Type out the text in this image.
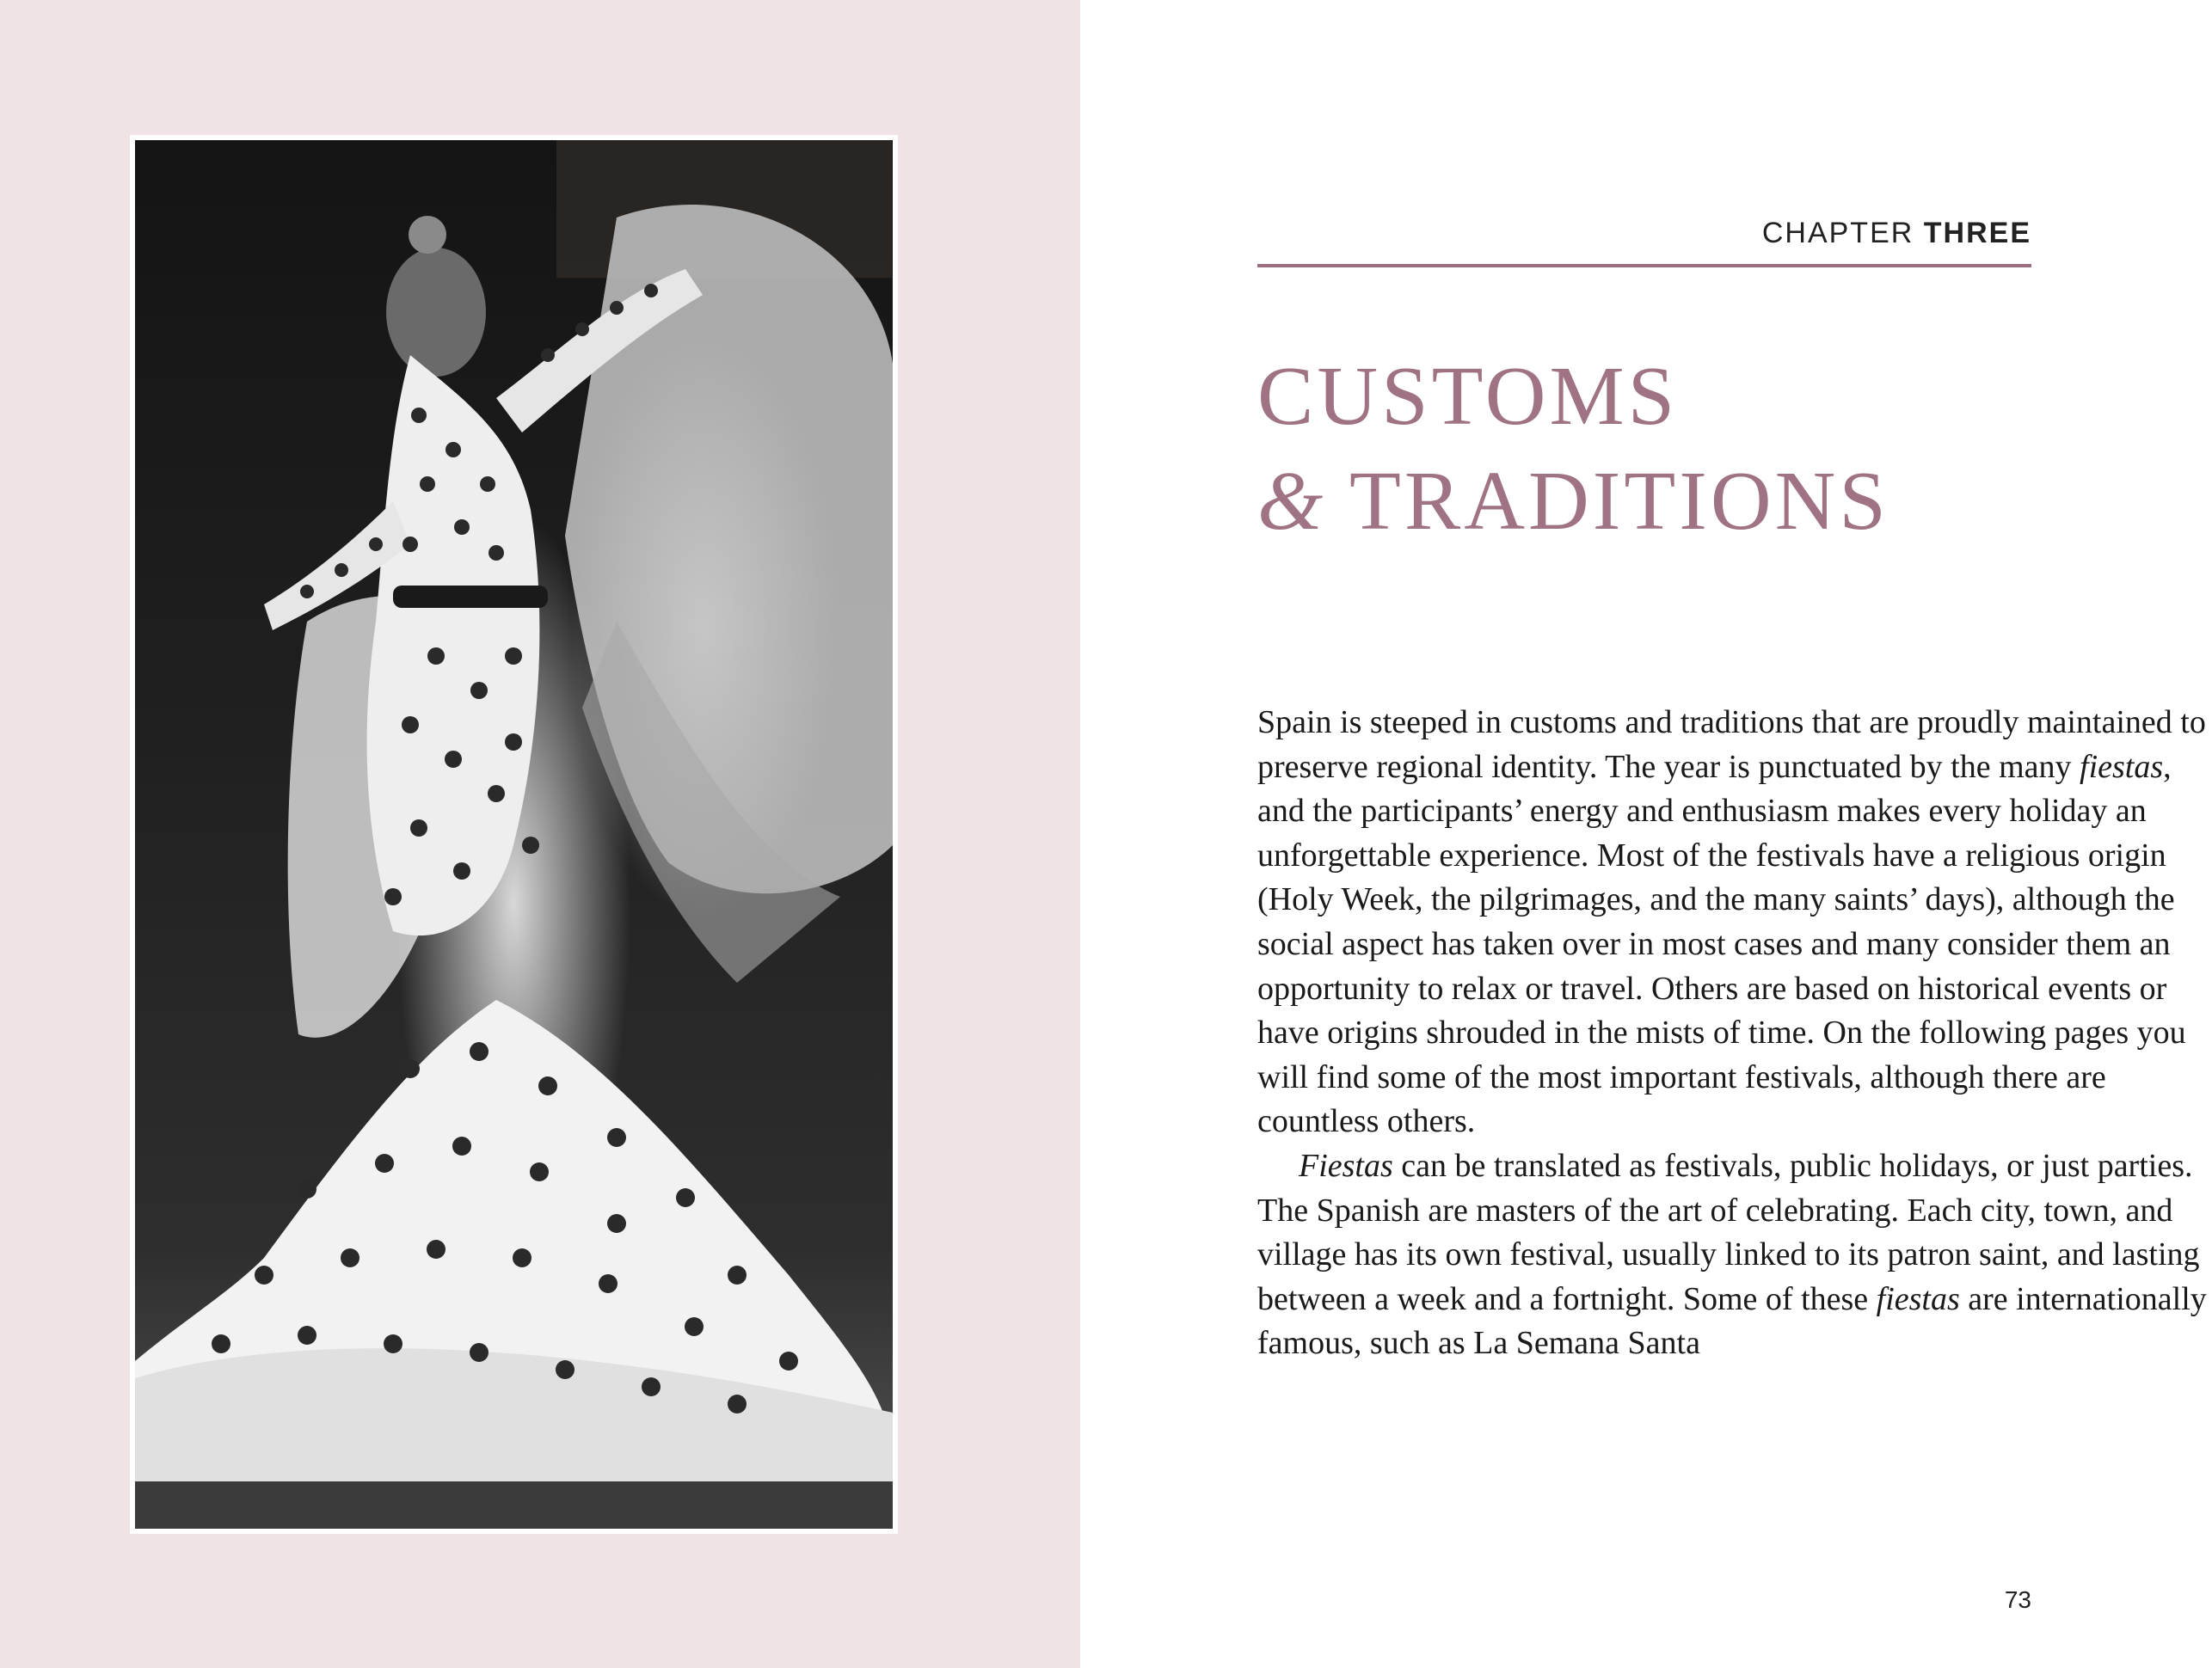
CHAPTER THREE
CUSTOMS
& TRADITIONS

Spain is steeped in customs and traditions that are proudly maintained to preserve regional identity. The year is punctuated by the many fiestas, and the participants’ energy and enthusiasm makes every holiday an unforgettable experience. Most of the festivals have a religious origin (Holy Week, the pilgrimages, and the many saints’ days), although the social aspect has taken over in most cases and many consider them an opportunity to relax or travel. Others are based on historical events or have origins shrouded in the mists of time. On the following pages you will find some of the most important festivals, although there are countless others.

Fiestas can be translated as festivals, public holidays, or just parties. The Spanish are masters of the art of celebrating. Each city, town, and village has its own festival, usually linked to its patron saint, and lasting between a week and a fortnight. Some of these fiestas are internationally famous, such as La Semana Santa

73
